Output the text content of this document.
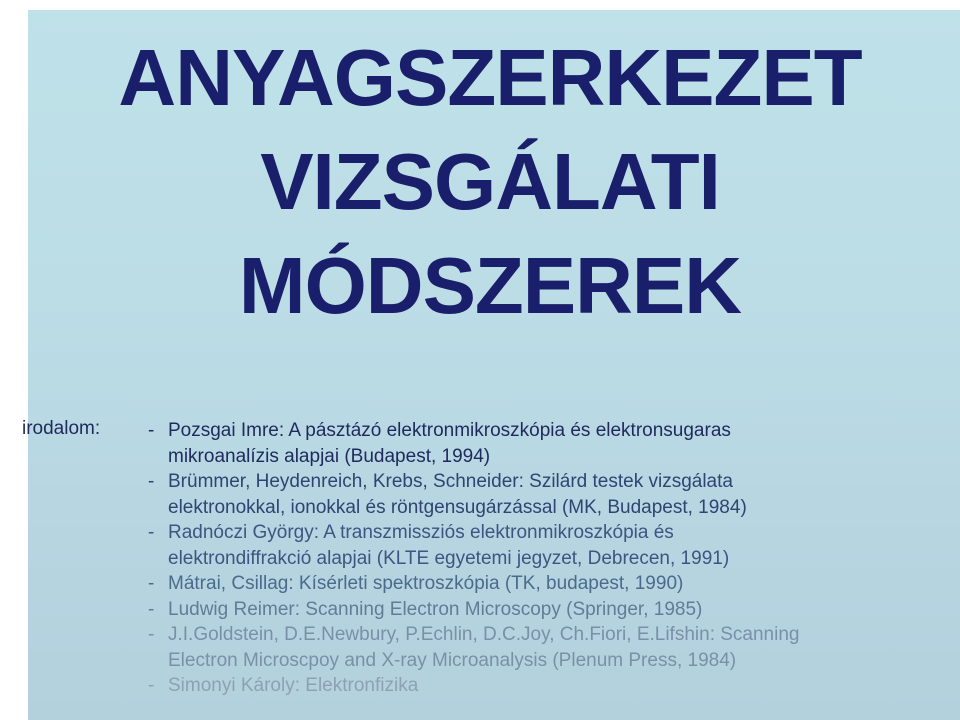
ANYAGSZERKEZET
VIZSGÁLATI
MÓDSZEREK
irodalom:	- Pozsgai Imre: A pásztázó elektronmikroszkópia és elektronsugaras
mikroanalízis alapjai (Budapest, 1994)
- Brümmer, Heydenreich, Krebs, Schneider: Szilárd testek vizsgálata
elektronokkal, ionokkal és röntgensugárzással (MK, Budapest, 1984)
- Radnóczi György: A transzmissziós elektronmikroszkópia és
elektrondiffrakció alapjai (KLTE egyetemi jegyzet, Debrecen, 1991)
- Mátrai, Csillag: Kísérleti spektroszkópia (TK, budapest, 1990)
- Ludwig Reimer: Scanning Electron Microscopy (Springer, 1985)
- J.I.Goldstein, D.E.Newbury, P.Echlin, D.C.Joy, Ch.Fiori, E.Lifshin: Scanning
Electron Microscpoy and X-ray Microanalysis (Plenum Press, 1984)
- Simonyi Károly: Elektronfizika
